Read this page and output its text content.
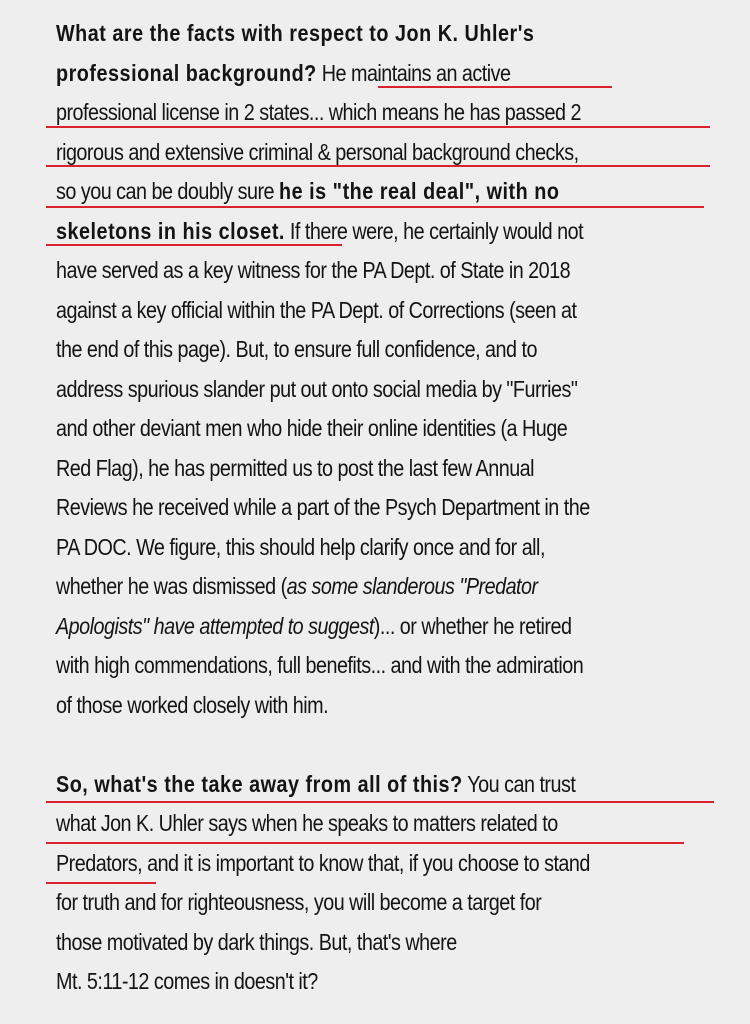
What are the facts with respect to Jon K. Uhler's
professional background? He maintains an active
professional license in 2 states... which means he has passed 2
rigorous and extensive criminal & personal background checks,
so you can be doubly sure he is "the real deal", with no
skeletons in his closet. If there were, he certainly would not
have served as a key witness for the PA Dept. of State in 2018
against a key official within the PA Dept. of Corrections (seen at
the end of this page). But, to ensure full confidence, and to
address spurious slander put out onto social media by "Furries"
and other deviant men who hide their online identities (a Huge
Red Flag), he has permitted us to post the last few Annual
Reviews he received while a part of the Psych Department in the
PA DOC. We figure, this should help clarify once and for all,
whether he was dismissed (as some slanderous "Predator
Apologists" have attempted to suggest)... or whether he retired
with high commendations, full benefits... and with the admiration
of those worked closely with him.
So, what's the take away from all of this? You can trust
what Jon K. Uhler says when he speaks to matters related to
Predators, and it is important to know that, if you choose to stand
for truth and for righteousness, you will become a target for
those motivated by dark things. But, that's where
Mt. 5:11-12 comes in doesn't it?
